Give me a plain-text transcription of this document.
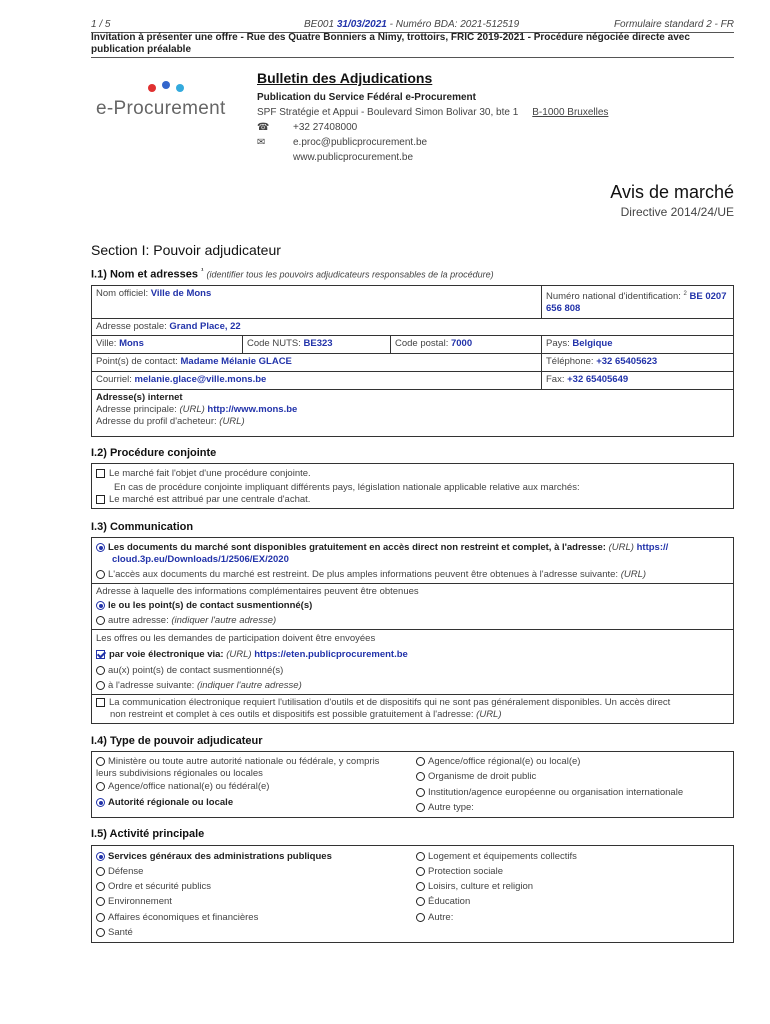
1 / 5	BE001 31/03/2021 - Numéro BDA: 2021-512519	Formulaire standard 2 - FR
Invitation à présenter une offre - Rue des Quatre Bonniers a Nimy, trottoirs, FRIC 2019-2021 - Procédure négociée directe avec publication préalable
e-Procurement
Bulletin des Adjudications
Publication du Service Fédéral e-Procurement
SPF Stratégie et Appui - Boulevard Simon Bolivar 30, bte 1 B-1000 Bruxelles
☎ +32 27408000
✉	e.proc@publicprocurement.be
www.publicprocurement.be
Avis de marché
Directive 2014/24/UE
Section I: Pouvoir adjudicateur
I.1) Nom et adresses $^{^1}$ (identifier tous les pouvoirs adjudicateurs responsables de la procédure)
Nom officiel: Ville de Mons	Numéro national d'identification: $^2$ BE 0207 656 808
Adresse postale: Grand Place, 22
Ville: Mons	Code NUTS: BE323	Code postal: 7000	Pays: Belgique
Point(s) de contact: Madame Mélanie GLACE	Téléphone: +32 65405623
Courriel: melanie.glace@ville.mons.be	Fax: +32 65405649
Adresse(s) internet
Adresse principale: (URL) http://www.mons.be
Adresse du profil d'acheteur: (URL)
I.2) Procédure conjointe
Le marché fait l'objet d'une procédure conjointe.
En cas de procédure conjointe impliquant différents pays, législation nationale applicable relative aux marchés:
Le marché est attribué par une centrale d'achat.
I.3) Communication
Les documents du marché sont disponibles gratuitement en accès direct non restreint et complet, à l'adresse: (URL) https://
cloud.3p.eu/Downloads/1/2506/EX/2020
L'accès aux documents du marché est restreint. De plus amples informations peuvent être obtenues à l'adresse suivante: (URL)
Adresse à laquelle des informations complémentaires peuvent être obtenues
le ou les point(s) de contact susmentionné(s)
autre adresse: (indiquer l'autre adresse)
Les offres ou les demandes de participation doivent être envoyées
par voie électronique via: (URL) https://eten.publicprocurement.be
au(x) point(s) de contact susmentionné(s)
à l'adresse suivante: (indiquer l'autre adresse)
La communication électronique requiert l'utilisation d'outils et de dispositifs qui ne sont pas généralement disponibles. Un accès direct
non restreint et complet à ces outils et dispositifs est possible gratuitement à l'adresse: (URL)
I.4) Type de pouvoir adjudicateur
Ministère ou toute autre autorité nationale ou fédérale, y compris leurs subdivisions régionales ou locales
Agence/office national(e) ou fédéral(e)
Autorité régionale ou locale
Agence/office régional(e) ou local(e)
Organisme de droit public
Institution/agence européenne ou organisation internationale
Autre type:
I.5) Activité principale
Services généraux des administrations publiques
Défense
Ordre et sécurité publics
Environnement
Affaires économiques et financières
Santé
Logement et équipements collectifs
Protection sociale
Loisirs, culture et religion
Éducation
Autre:
